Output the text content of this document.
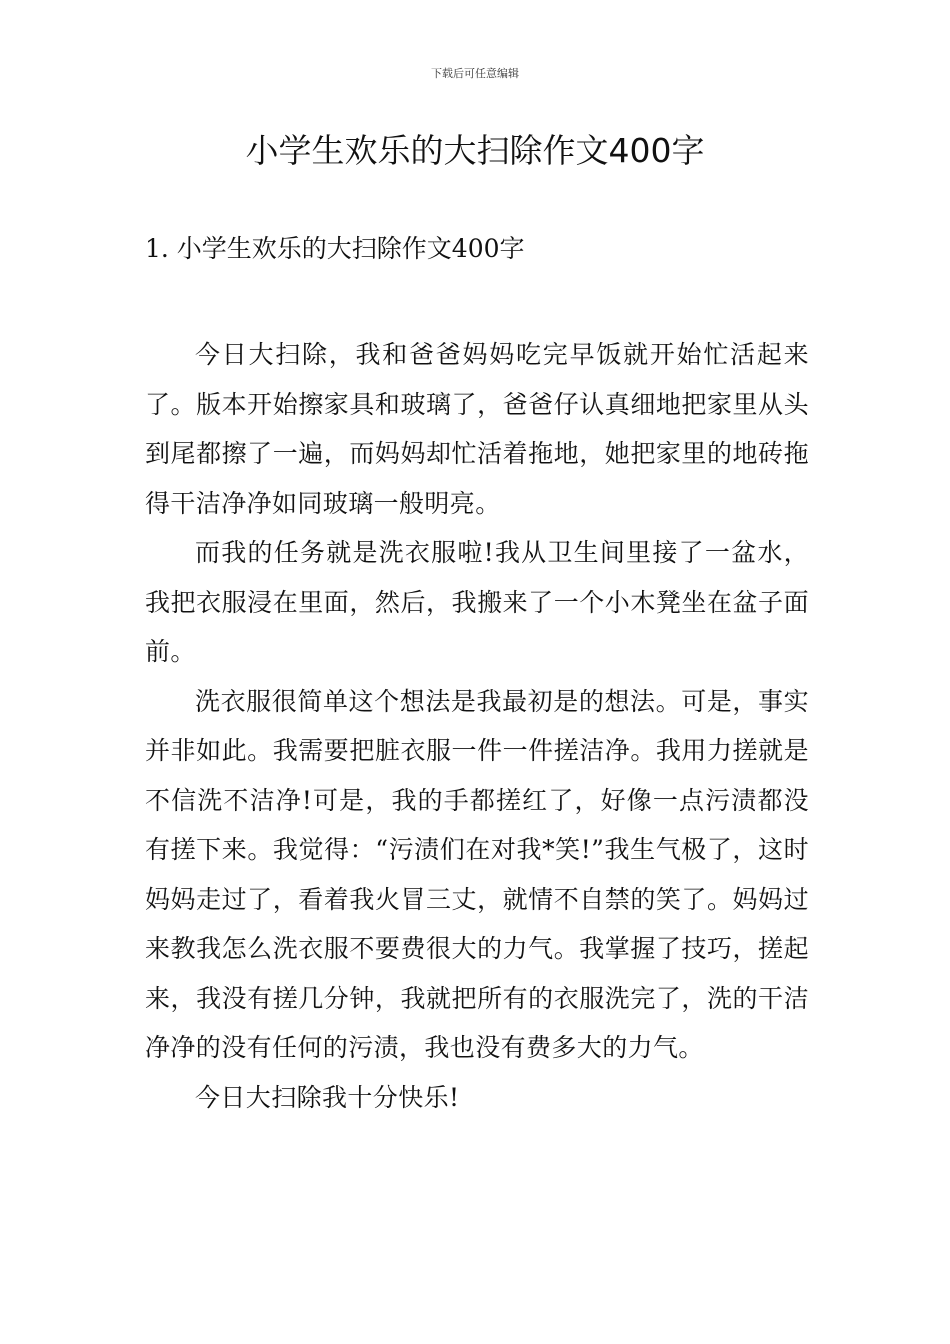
下载后可任意编辑
小学生欢乐的大扫除作文400字
1. 小学生欢乐的大扫除作文400字

今日大扫除，我和爸爸妈妈吃完早饭就开始忙活起来了。版本开始擦家具和玻璃了，爸爸仔认真细地把家里从头到尾都擦了一遍，而妈妈却忙活着拖地，她把家里的地砖拖得干洁净净如同玻璃一般明亮。

而我的任务就是洗衣服啦!我从卫生间里接了一盆水，我把衣服浸在里面，然后，我搬来了一个小木凳坐在盆子面前。

洗衣服很简单这个想法是我最初是的想法。可是，事实并非如此。我需要把脏衣服一件一件搓洁净。我用力搓就是不信洗不洁净!可是，我的手都搓红了，好像一点污渍都没有搓下来。我觉得：“污渍们在对我*笑!”我生气极了，这时妈妈走过了，看着我火冒三丈，就情不自禁的笑了。妈妈过来教我怎么洗衣服不要费很大的力气。我掌握了技巧，搓起来，我没有搓几分钟，我就把所有的衣服洗完了，洗的干洁净净的没有任何的污渍，我也没有费多大的力气。

今日大扫除我十分快乐!
